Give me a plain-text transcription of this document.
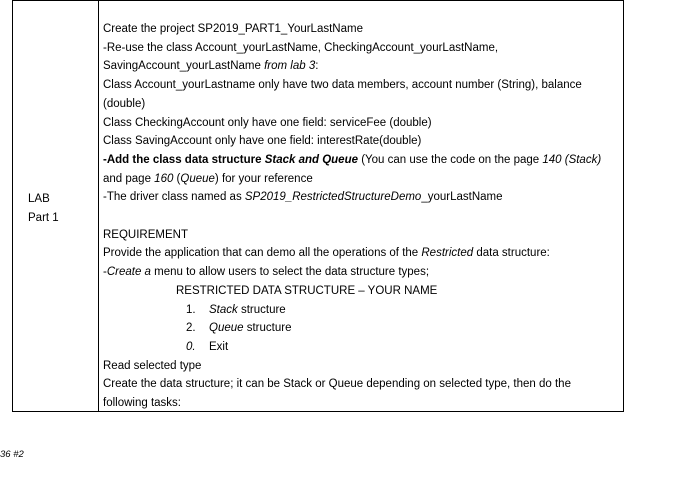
LAB
Part 1
Create the project SP2019_PART1_YourLastName
-Re-use the class Account_yourLastName, CheckingAccount_yourLastName,
SavingAccount_yourLastName from lab 3:
Class Account_yourLastname only have two data members, account number (String), balance
(double)
Class CheckingAccount only have one field: serviceFee (double)
Class SavingAccount only have one field: interestRate(double)
-Add the class data structure Stack and Queue (You can use the code on the page 140 (Stack)
and page 160 (Queue) for your reference
-The driver class named as SP2019_RestrictedStructureDemo_yourLastName
REQUIREMENT
Provide the application that can demo all the operations of the Restricted data structure:
-Create a menu to allow users to select the data structure types;
RESTRICTED DATA STRUCTURE – YOUR NAME
1. Stack structure
2. Queue structure
0. Exit
Read selected type
Create the data structure; it can be Stack or Queue depending on selected type, then do the
following tasks:
36 #2
